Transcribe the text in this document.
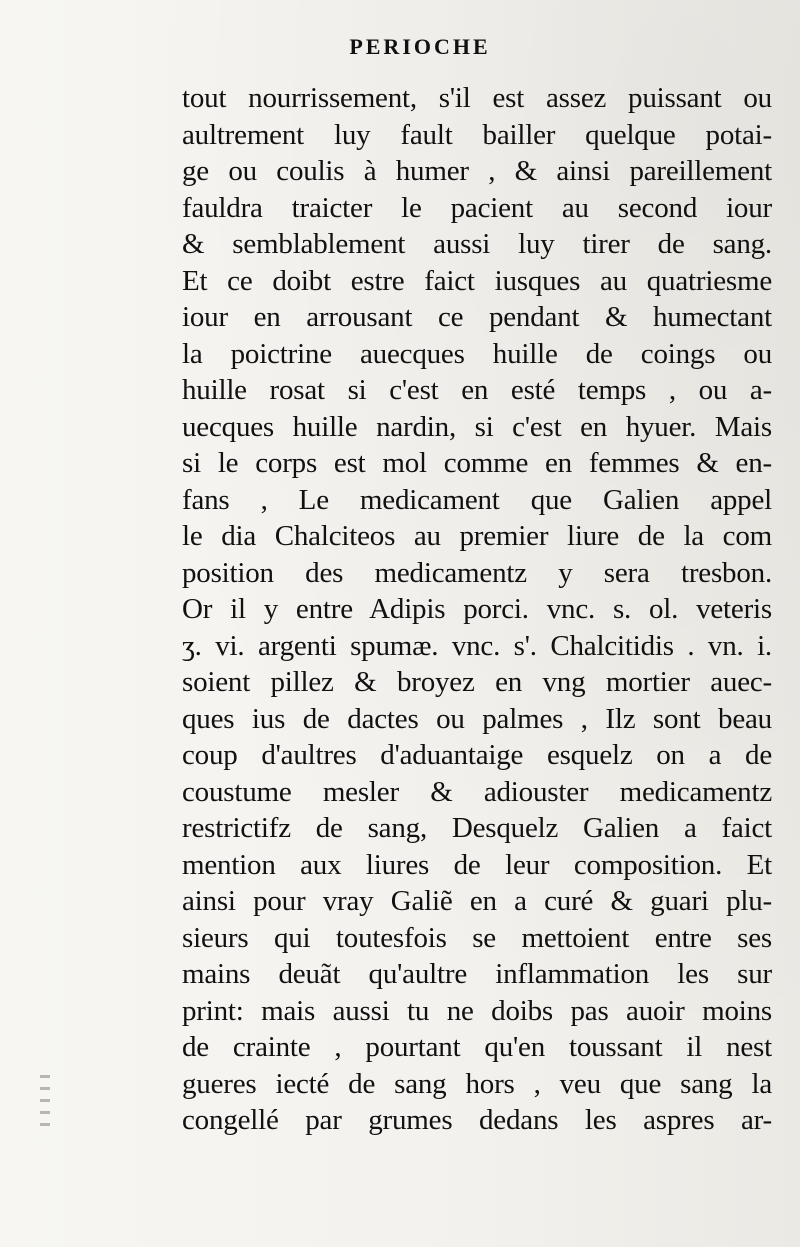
PERIOCHE
tout nourrissement, s'il est assez puissant ou
aultrement luy fault bailler quelque potai-
ge ou coulis à humer , & ainsi pareillement
fauldra traicter le pacient au second iour
& semblablement aussi luy tirer de sang.
Et ce doibt estre faict iusques au quatriesme
iour en arrousant ce pendant & humectant
la poictrine auecques huille de coings ou
huille rosat si c'est en esté temps , ou a-
uecques huille nardin, si c'est en hyuer. Mais
si le corps est mol comme en femmes & en-
fans , Le medicament que Galien appel
le dia Chalciteos au premier liure de la com
position des medicamentz y sera tresbon.
Or il y entre Adipis porci. vnc. s. ol. veteris
ʒ. vi. argenti spumæ. vnc. s'. Chalcitidis . vn. i.
soient pillez & broyez en vng mortier auec-
ques ius de dactes ou palmes , Ilz sont beau
coup d'aultres d'aduantaige esquelz on a de
coustume mesler & adiouster medicamentz
restrictifz de sang, Desquelz Galien a faict
mention aux liures de leur composition. Et
ainsi pour vray Galiẽ en a curé & guari plu-
sieurs qui toutesfois se mettoient entre ses
mains deuãt qu'aultre inflammation les sur
print: mais aussi tu ne doibs pas auoir moins
de crainte , pourtant qu'en toussant il nest
gueres iecté de sang hors , veu que sang la
congellé par grumes dedans les aspres ar-
